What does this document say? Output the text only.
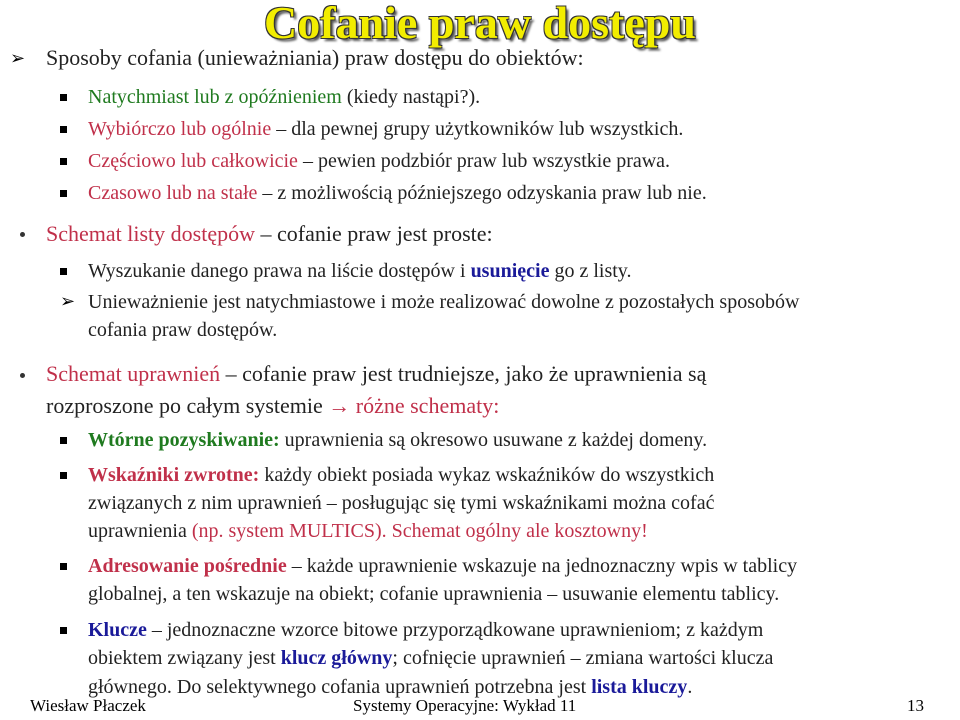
Cofanie praw dostępu
➢ Sposoby cofania (unieważniania) praw dostępu do obiektów:
Natychmiast lub z opóźnieniem (kiedy nastąpi?).
Wybiórczo lub ogólnie – dla pewnej grupy użytkowników lub wszystkich.
Częściowo lub całkowicie – pewien podzbiór praw lub wszystkie prawa.
Czasowo lub na stałe – z możliwością późniejszego odzyskania praw lub nie.
Schemat listy dostępów – cofanie praw jest proste:
Wyszukanie danego prawa na liście dostępów i usunięcie go z listy.
➢ Unieważnienie jest natychmiastowe i może realizować dowolne z pozostałych sposobów
cofania praw dostępów.
Schemat uprawnień – cofanie praw jest trudniejsze, jako że uprawnienia są
rozproszone po całym systemie → różne schematy:
Wtórne pozyskiwanie: uprawnienia są okresowo usuwane z każdej domeny.
Wskaźniki zwrotne: każdy obiekt posiada wykaz wskaźników do wszystkich
związanych z nim uprawnień – posługując się tymi wskaźnikami można cofać
uprawnienia (np. system MULTICS). Schemat ogólny ale kosztowny!
Adresowanie pośrednie – każde uprawnienie wskazuje na jednoznaczny wpis w tablicy
globalnej, a ten wskazuje na obiekt; cofanie uprawnienia – usuwanie elementu tablicy.
Klucze – jednoznaczne wzorce bitowe przyporządkowane uprawnieniom; z każdym
obiektem związany jest klucz główny; cofnięcie uprawnień – zmiana wartości klucza
głównego. Do selektywnego cofania uprawnień potrzebna jest lista kluczy.
Wiesław Płaczek	Systemy Operacyjne: Wykład 11	13
